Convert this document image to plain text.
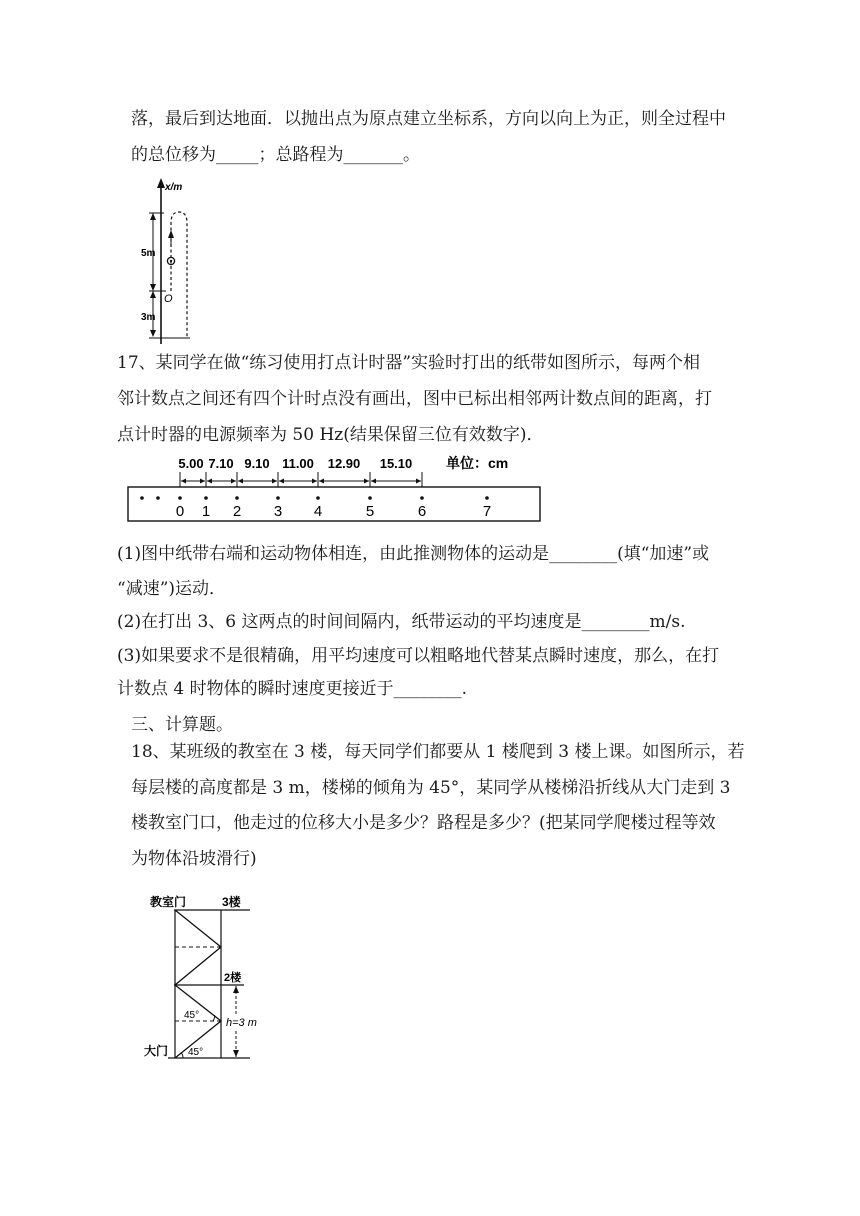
落，最后到达地面．以抛出点为原点建立坐标系，方向以向上为正，则全过程中
的总位移为_____；总路程为_______。
x/m
5m
3m
O
17、某同学在做“练习使用打点计时器”实验时打出的纸带如图所示，每两个相
邻计数点之间还有四个计时点没有画出，图中已标出相邻两计数点间的距离，打
点计时器的电源频率为 50 Hz(结果保留三位有效数字)．
5.00 7.10 9.10 11.00 12.90 15.10 单位：cm
0 1 2 3 4	5	6	7
(1)图中纸带右端和运动物体相连，由此推测物体的运动是________(填“加速”或
“减速”)运动．
(2)在打出 3、6 这两点的时间间隔内，纸带运动的平均速度是________m/s.
(3)如果要求不是很精确，用平均速度可以粗略地代替某点瞬时速度，那么，在打
计数点 4 时物体的瞬时速度更接近于________.
三、计算题。
18、某班级的教室在 3 楼，每天同学们都要从 1 楼爬到 3 楼上课。如图所示，若
每层楼的高度都是 3 m，楼梯的倾角为 45°，某同学从楼梯沿折线从大门走到 3
楼教室门口，他走过的位移大小是多少？路程是多少？(把某同学爬楼过程等效
为物体沿坡滑行)
教室门	3楼
2楼
h=3 m
45°
45°
大门
